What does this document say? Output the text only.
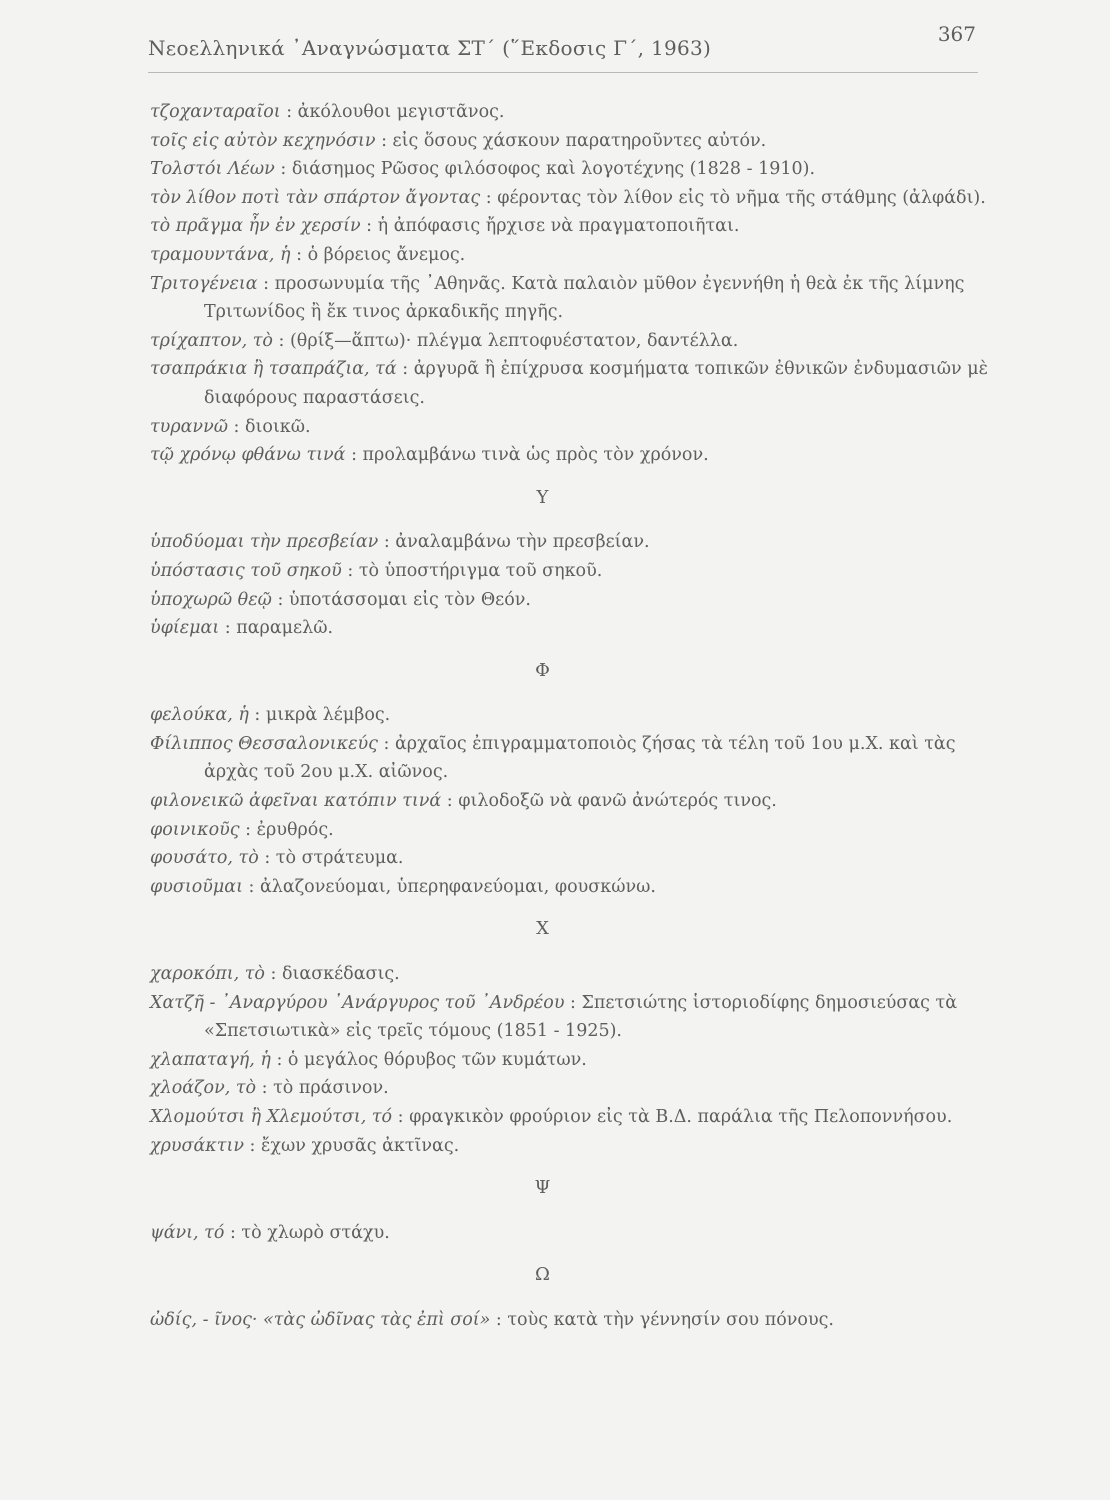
Νεοελληνικά ᾽Αναγνώσματα ΣΤ΄ (῞Εκδοσις Γ΄, 1963)
367

τζοχανταραῖοι : ἀκόλουθοι μεγιστᾶνος.

τοῖς εἰς αὐτὸν κεχηνόσιν : εἰς ὅσους χάσκουν παρατηροῦντες αὐτόν.

Τολστόι Λέων : διάσημος Ρῶσος φιλόσοφος καὶ λογοτέχνης (1828 - 1910).

τὸν λίθον ποτὶ τὰν σπάρτον ἄγοντας : φέροντας τὸν λίθον εἰς τὸ νῆμα τῆς στάθμης (ἀλφάδι).

τὸ πρᾶγμα ἦν ἐν χερσίν : ἡ ἀπόφασις ἤρχισε νὰ πραγματοποιῆται.

τραμουντάνα, ἡ : ὁ βόρειος ἄνεμος.

Τριτογένεια : προσωνυμία τῆς ᾽Αθηνᾶς. Κατὰ παλαιὸν μῦθον ἐγεννήθη ἡ θεὰ ἐκ τῆς λίμνης Τριτωνίδος ἢ ἔκ τινος ἀρκαδικῆς πηγῆς.

τρίχαπτον, τὸ : (θρίξ—ἅπτω)· πλέγμα λεπτοφυέστατον, δαντέλλα.

τσαπράκια ἢ τσαπράζια, τά : ἀργυρᾶ ἢ ἐπίχρυσα κοσμήματα τοπικῶν ἐθνικῶν ἐνδυμασιῶν μὲ διαφόρους παραστάσεις.

τυραννῶ : διοικῶ.

τῷ χρόνῳ φθάνω τινά : προλαμβάνω τινὰ ὡς πρὸς τὸν χρόνον.

Υ

ὑποδύομαι τὴν πρεσβείαν : ἀναλαμβάνω τὴν πρεσβείαν.

ὑπόστασις τοῦ σηκοῦ : τὸ ὑποστήριγμα τοῦ σηκοῦ.

ὑποχωρῶ θεῷ : ὑποτάσσομαι εἰς τὸν Θεόν.

ὑφίεμαι : παραμελῶ.

Φ

φελούκα, ἡ : μικρὰ λέμβος.

Φίλιππος Θεσσαλονικεύς : ἀρχαῖος ἐπιγραμματοποιὸς ζήσας τὰ τέλη τοῦ 1ου μ.Χ. καὶ τὰς ἀρχὰς τοῦ 2ου μ.Χ. αἰῶνος.

φιλονεικῶ ἀφεῖναι κατόπιν τινά : φιλοδοξῶ νὰ φανῶ ἀνώτερός τινος.

φοινικοῦς : ἐρυθρός.

φουσάτο, τὸ : τὸ στράτευμα.

φυσιοῦμαι : ἀλαζονεύομαι, ὑπερηφανεύομαι, φουσκώνω.

Χ

χαροκόπι, τὸ : διασκέδασις.

Χατζῆ - ᾽Αναργύρου ᾽Ανάργυρος τοῦ ᾽Ανδρέου : Σπετσιώτης ἱστοριοδίφης δημοσιεύσας τὰ «Σπετσιωτικὰ» εἰς τρεῖς τόμους (1851 - 1925).

χλαπαταγή, ἡ : ὁ μεγάλος θόρυβος τῶν κυμάτων.

χλοάζον, τὸ : τὸ πράσινον.

Χλομούτσι ἢ Χλεμούτσι, τό : φραγκικὸν φρούριον εἰς τὰ Β.Δ. παράλια τῆς Πελοποννήσου.

χρυσάκτιν : ἔχων χρυσᾶς ἀκτῖνας.

Ψ

ψάνι, τό : τὸ χλωρὸ στάχυ.

Ω

ὠδίς, - ῖνος· «τὰς ὠδῖνας τὰς ἐπὶ σοί» : τοὺς κατὰ τὴν γέννησίν σου πόνους.
